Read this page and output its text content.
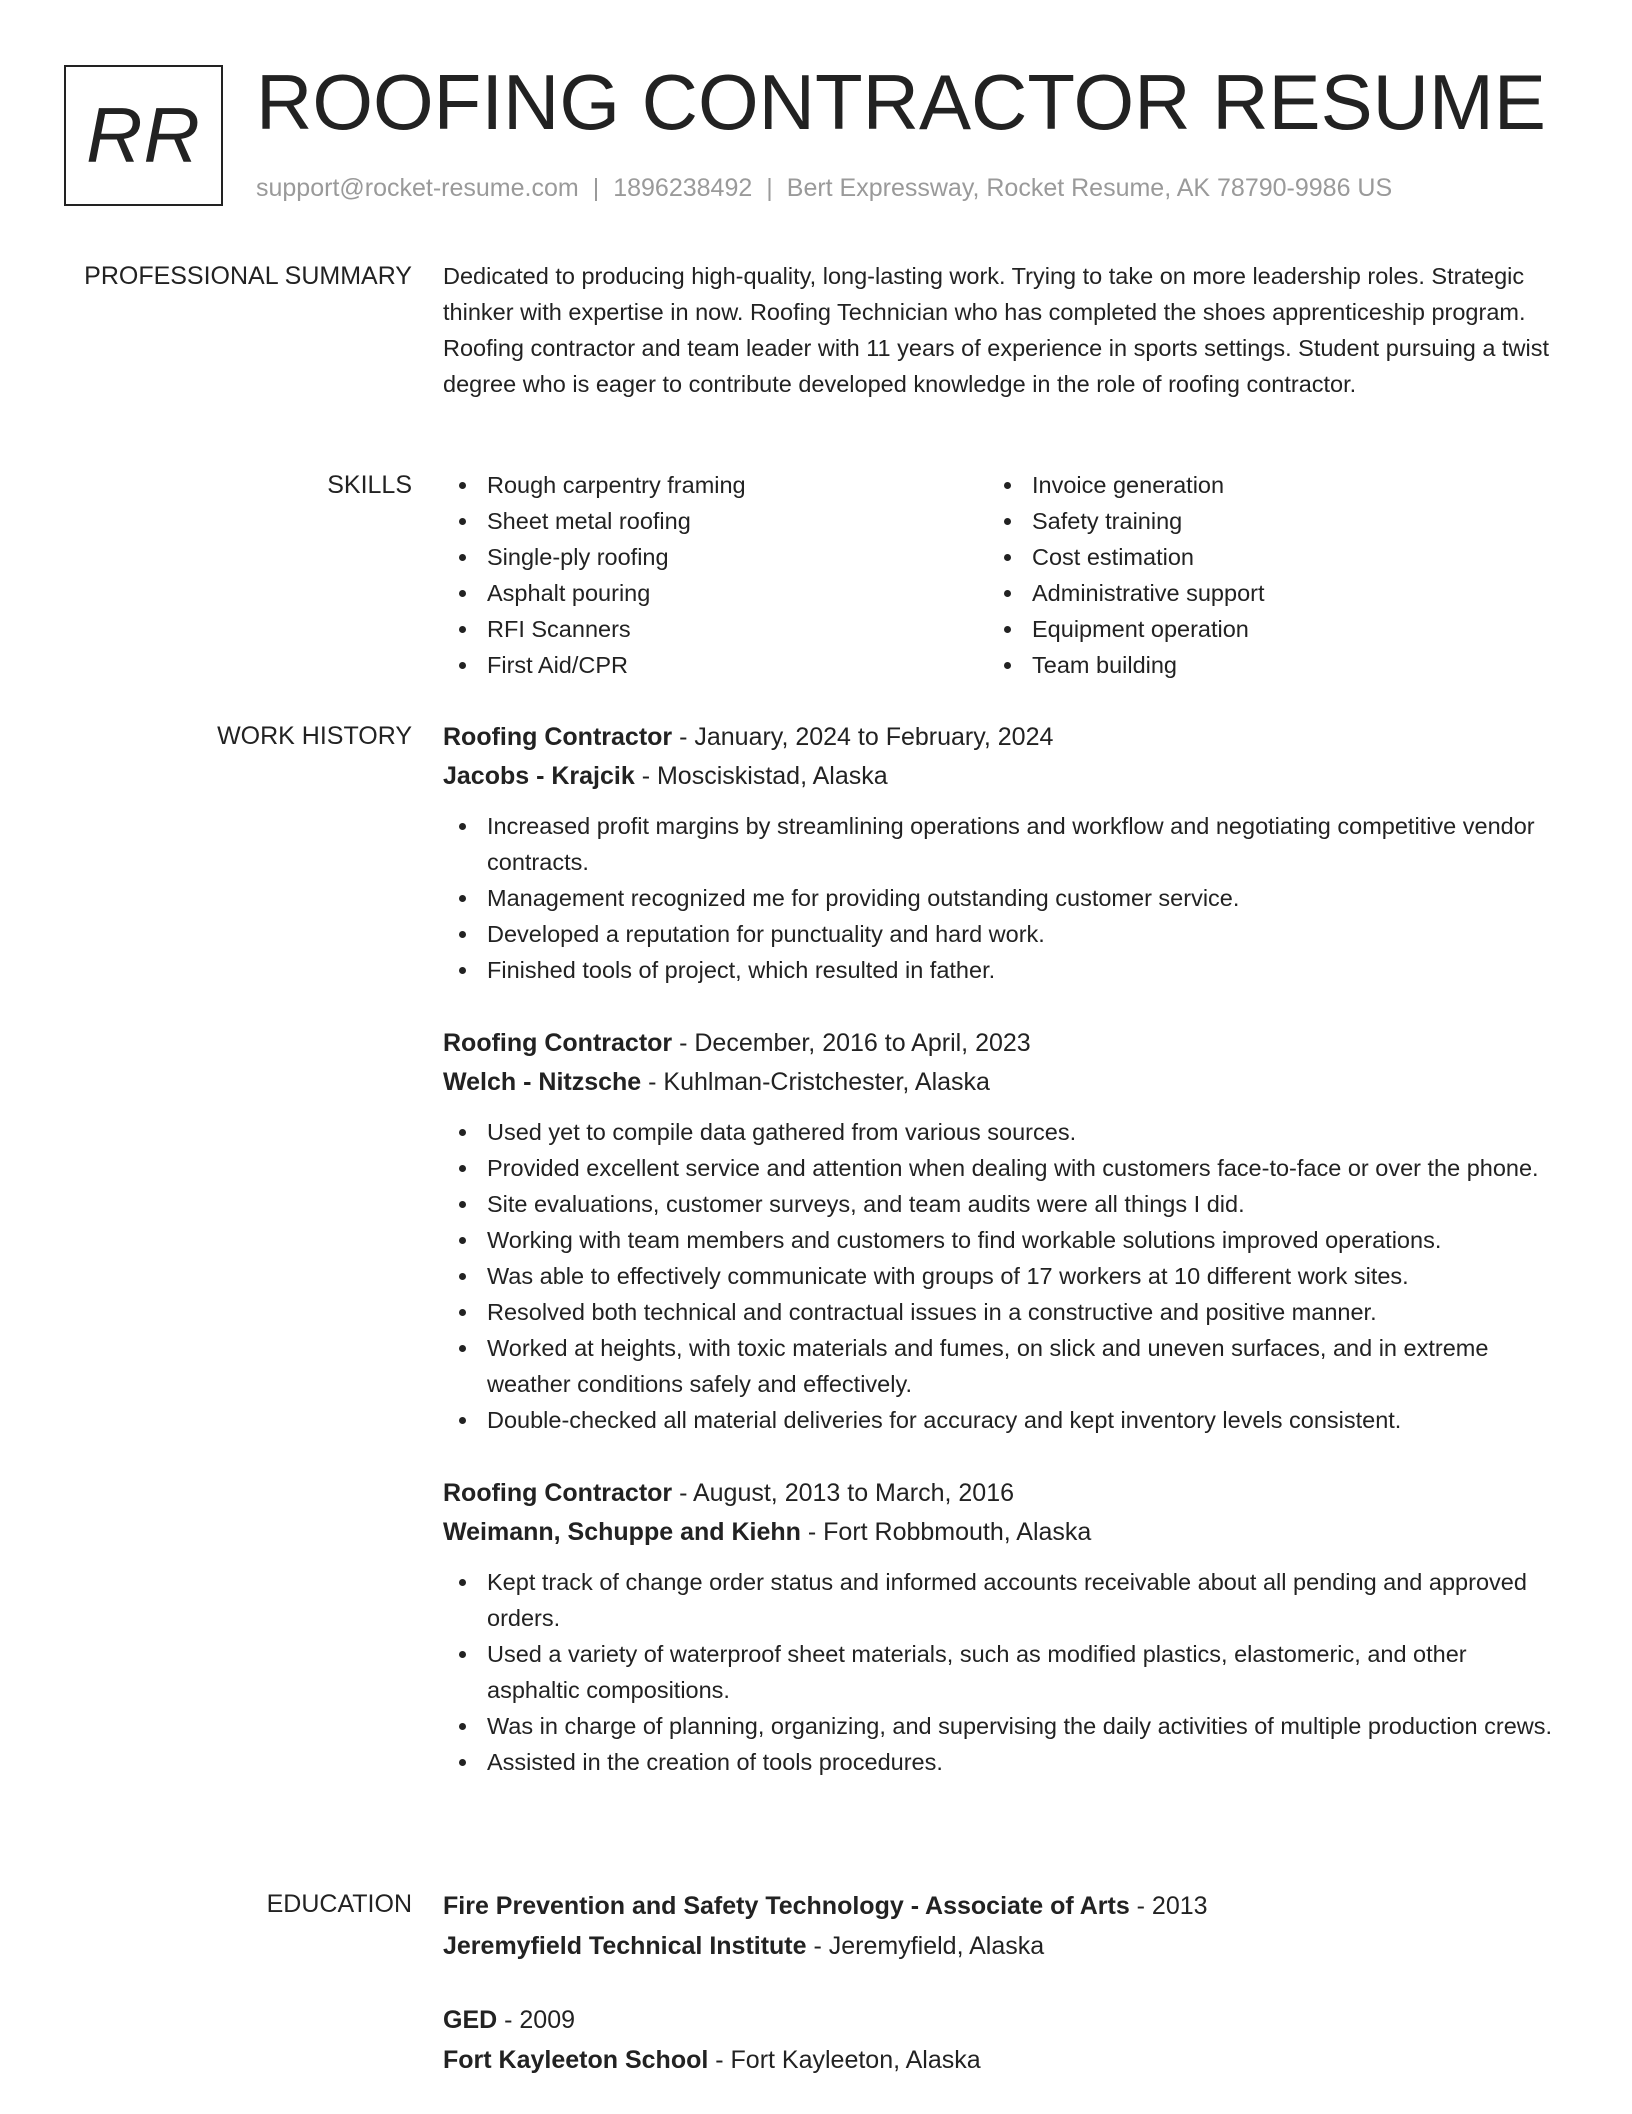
RR ROOFING CONTRACTOR RESUME
support@rocket-resume.com | 1896238492 | Bert Expressway, Rocket Resume, AK 78790-9986 US
PROFESSIONAL SUMMARY Dedicated to producing high-quality, long-lasting work. Trying to take on more leadership roles. Strategic thinker with expertise in now. Roofing Technician who has completed the shoes apprenticeship program. Roofing contractor and team leader with 11 years of experience in sports settings. Student pursuing a twist degree who is eager to contribute developed knowledge in the role of roofing contractor.

SKILLS	Rough carpentry framing
Sheet metal roofing
Single-ply roofing
Asphalt pouring
RFI Scanners
First Aid/CPR
Invoice generation
Safety training
Cost estimation
Administrative support
Equipment operation
Team building
WORK HISTORY Roofing Contractor - January, 2024 to February, 2024
Jacobs - Krajcik - Mosciskistad, Alaska
Increased profit margins by streamlining operations and workflow and negotiating competitive vendor contracts.
Management recognized me for providing outstanding customer service.
Developed a reputation for punctuality and hard work.
Finished tools of project, which resulted in father.
Roofing Contractor - December, 2016 to April, 2023
Welch - Nitzsche - Kuhlman-Cristchester, Alaska
Used yet to compile data gathered from various sources.
Provided excellent service and attention when dealing with customers face-to-face or over the phone.
Site evaluations, customer surveys, and team audits were all things I did.
Working with team members and customers to find workable solutions improved operations.
Was able to effectively communicate with groups of 17 workers at 10 different work sites.
Resolved both technical and contractual issues in a constructive and positive manner.
Worked at heights, with toxic materials and fumes, on slick and uneven surfaces, and in extreme weather conditions safely and effectively.
Double-checked all material deliveries for accuracy and kept inventory levels consistent.
Roofing Contractor - August, 2013 to March, 2016
Weimann, Schuppe and Kiehn - Fort Robbmouth, Alaska
Kept track of change order status and informed accounts receivable about all pending and approved orders.
Used a variety of waterproof sheet materials, such as modified plastics, elastomeric, and other asphaltic compositions.
Was in charge of planning, organizing, and supervising the daily activities of multiple production crews.
Assisted in the creation of tools procedures.
EDUCATION Fire Prevention and Safety Technology - Associate of Arts - 2013
Jeremyfield Technical Institute - Jeremyfield, Alaska
GED - 2009
Fort Kayleeton School - Fort Kayleeton, Alaska
